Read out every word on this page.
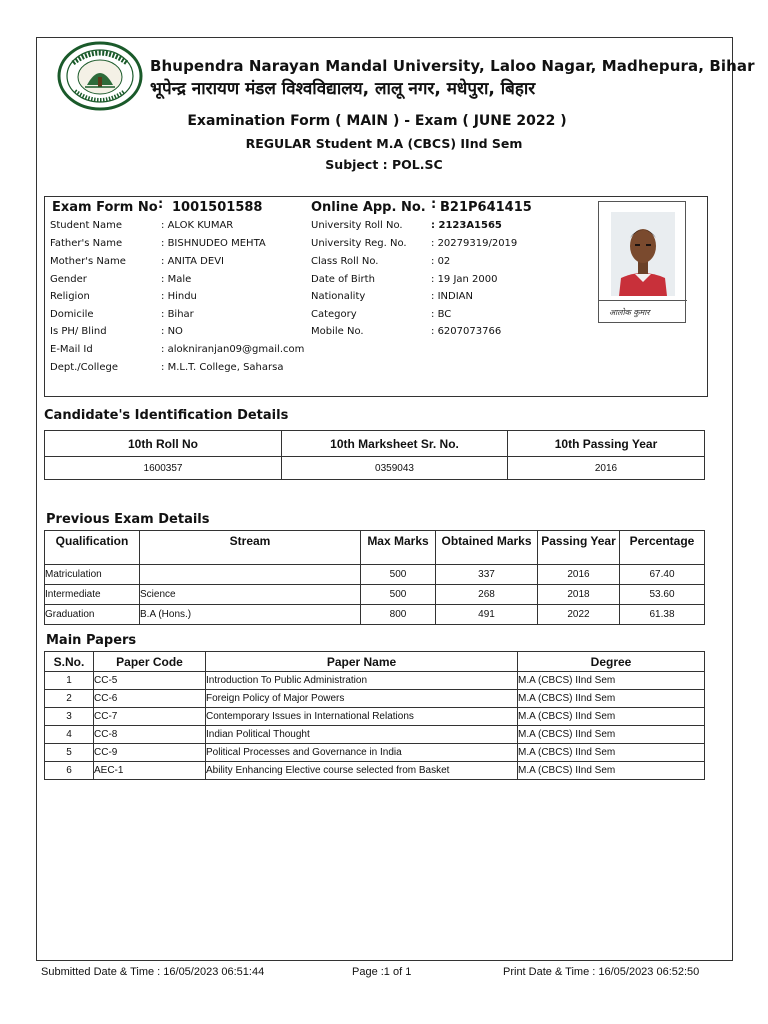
Bhupendra Narayan Mandal University, Laloo Nagar, Madhepura, Bihar
भूपेन्द्र नारायण मंडल विश्वविद्यालय, लालू नगर, मधेपुरा, बिहार
Examination Form ( MAIN ) - Exam ( JUNE 2022 )
REGULAR Student M.A (CBCS) IInd Sem
Subject : POL.SC
Exam Form No : 1001501588	Online App. No. : B21P641415
Student Name	: ALOK KUMAR
Father's Name	: BISHNUDEO MEHTA
Mother's Name	: ANITA DEVI
Gender	: Male
Religion	: Hindu
Domicile	: Bihar
Is PH/ Blind	: NO
E-Mail Id	: alokniranjan09@gmail.com
Dept./College	: M.L.T. College, Saharsa
University Roll No.	: 2123A1565
University Reg. No. : 20279319/2019
Class Roll No.	: 02
Date of Birth	: 19 Jan 2000
Nationality	: INDIAN
Category	: BC
Mobile No.	: 6207073766
आलोक कुमार
Candidate's Identification Details
10th Roll No	10th Marksheet Sr. No.	10th Passing Year
1600357	0359043	2016
Previous Exam Details
Qualification	Stream	Max Marks	Obtained Marks	Passing Year	Percentage
Matriculation		500	337	2016	67.40
Intermediate	Science	500	268	2018	53.60
Graduation	B.A (Hons.)	800	491	2022	61.38
Main Papers
S.No.	Paper Code	Paper Name	Degree
1	CC-5	Introduction To Public Administration	M.A (CBCS) IInd Sem
2	CC-6	Foreign Policy of Major Powers	M.A (CBCS) IInd Sem
3	CC-7	Contemporary Issues in International Relations	M.A (CBCS) IInd Sem
4	CC-8	Indian Political Thought	M.A (CBCS) IInd Sem
5	CC-9	Political Processes and Governance in India	M.A (CBCS) IInd Sem
6	AEC-1	Ability Enhancing Elective course selected from Basket	M.A (CBCS) IInd Sem
Submitted Date & Time : 16/05/2023 06:51:44	Page :1 of 1	Print Date & Time : 16/05/2023 06:52:50
